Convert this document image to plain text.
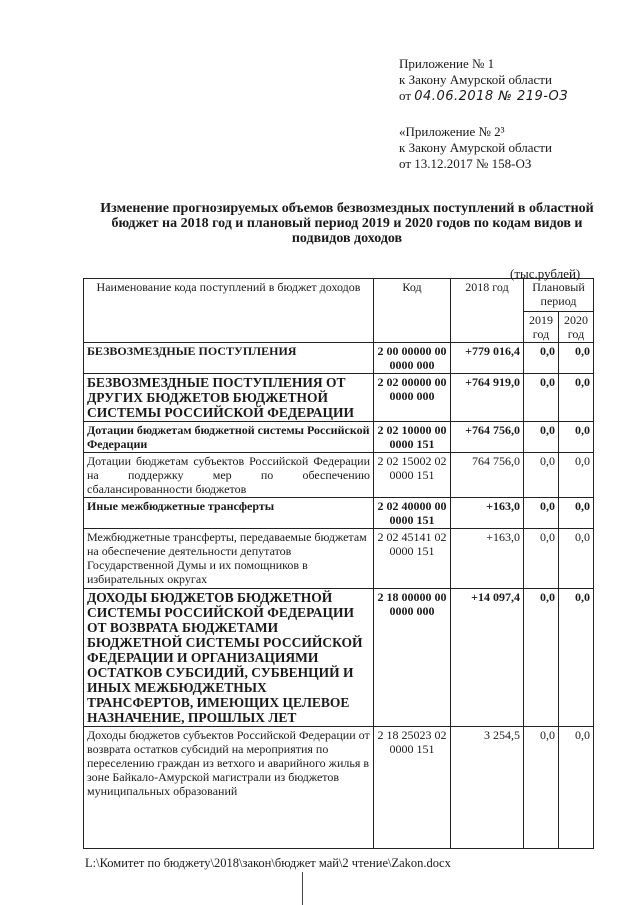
Приложение № 1
к Закону Амурской области
от 04.06.2018 № 219-ОЗ
«Приложение № 2³
к Закону Амурской области
от 13.12.2017 № 158-ОЗ
Изменение прогнозируемых объемов безвозмездных поступлений в областной бюджет на 2018 год и плановый период 2019 и 2020 годов по кодам видов и подвидов доходов
(тыс.рублей)
Наименование кода поступлений в бюджет доходов	Код	2018 год	Плановый период	
			2019 год	2020 год
БЕЗВОЗМЕЗДНЫЕ ПОСТУПЛЕНИЯ	2 00 00000 00 0000 000	+779 016,4	0,0	0,0
БЕЗВОЗМЕЗДНЫЕ ПОСТУПЛЕНИЯ ОТ ДРУГИХ БЮДЖЕТОВ БЮДЖЕТНОЙ СИСТЕМЫ РОССИЙСКОЙ ФЕДЕРАЦИИ	2 02 00000 00 0000 000	+764 919,0	0,0	0,0
Дотации бюджетам бюджетной системы Российской Федерации	2 02 10000 00 0000 151	+764 756,0	0,0	0,0
Дотации бюджетам субъектов Российской Федерации на поддержку мер по обеспечению сбалансированности бюджетов	2 02 15002 02 0000 151	764 756,0	0,0	0,0
Иные межбюджетные трансферты	2 02 40000 00 0000 151	+163,0	0,0	0,0
Межбюджетные трансферты, передаваемые бюджетам на обеспечение деятельности депутатов Государственной Думы и их помощников в избирательных округах	2 02 45141 02 0000 151	+163,0	0,0	0,0
ДОХОДЫ БЮДЖЕТОВ БЮДЖЕТНОЙ СИСТЕМЫ РОССИЙСКОЙ ФЕДЕРАЦИИ ОТ ВОЗВРАТА БЮДЖЕТАМИ БЮДЖЕТНОЙ СИСТЕМЫ РОССИЙСКОЙ ФЕДЕРАЦИИ И ОРГАНИЗАЦИЯМИ ОСТАТКОВ СУБСИДИЙ, СУБВЕНЦИЙ И ИНЫХ МЕЖБЮДЖЕТНЫХ ТРАНСФЕРТОВ, ИМЕЮЩИХ ЦЕЛЕВОЕ НАЗНАЧЕНИЕ, ПРОШЛЫХ ЛЕТ	2 18 00000 00 0000 000	+14 097,4	0,0	0,0
Доходы бюджетов субъектов Российской Федерации от возврата остатков субсидий на мероприятия по переселению граждан из ветхого и аварийного жилья в зоне Байкало-Амурской магистрали из бюджетов муниципальных образований	2 18 25023 02 0000 151	3 254,5	0,0	0,0
L:\Комитет по бюджету\2018\закон\бюджет май\2 чтение\Zakon.docx
